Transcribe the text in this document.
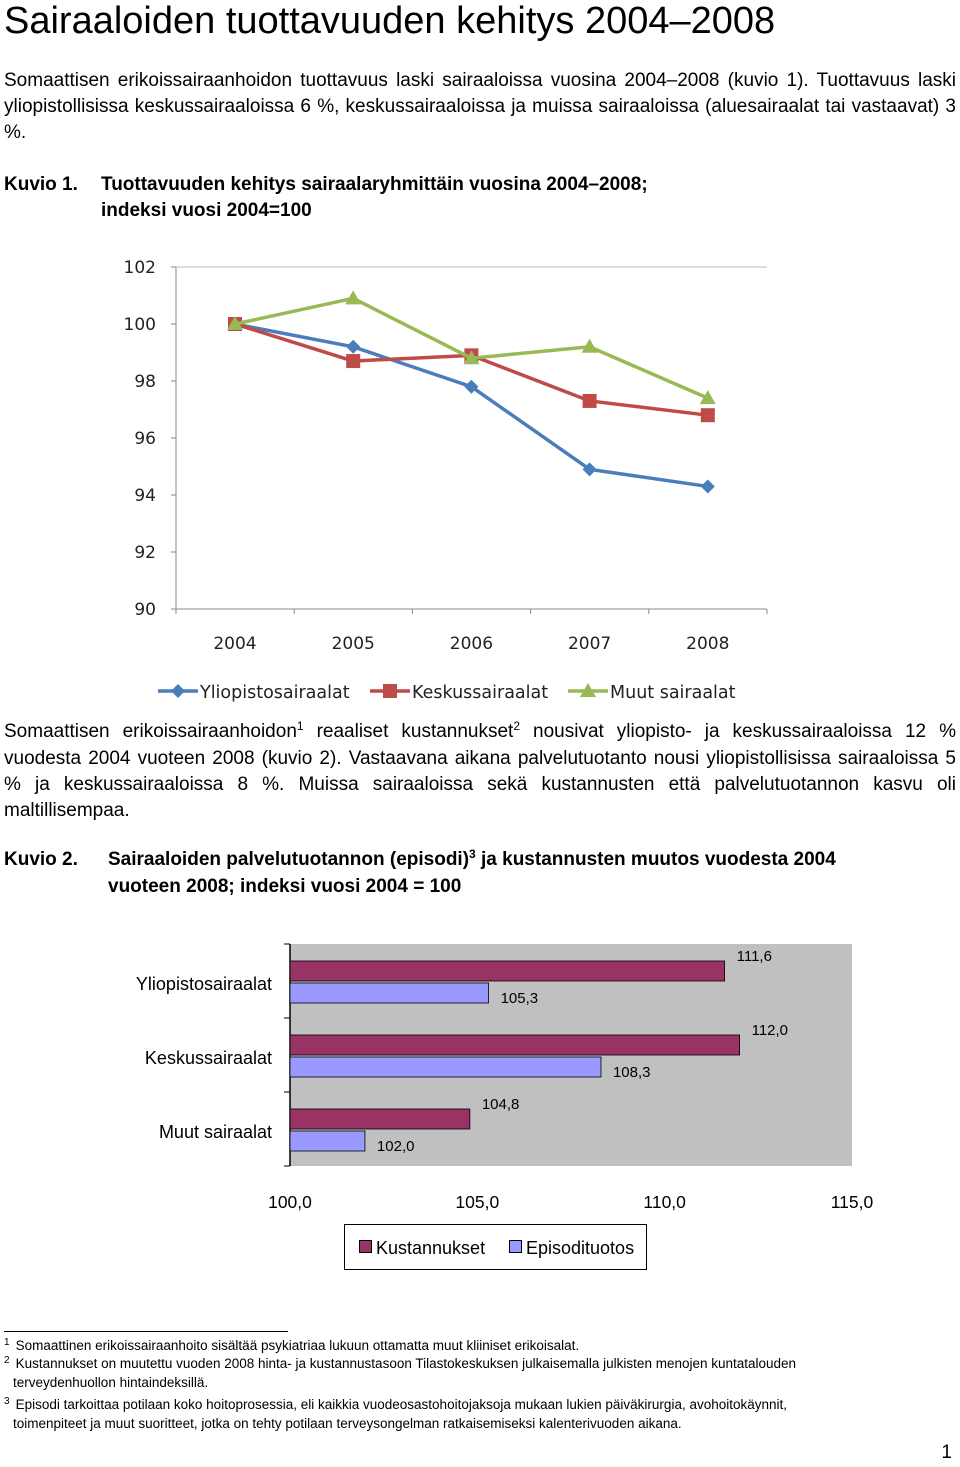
Sairaaloiden tuottavuuden kehitys 2004–2008

Somaattisen erikoissairaanhoidon tuottavuus laski sairaaloissa vuosina 2004–2008 (kuvio 1). Tuottavuus laski yliopistollisissa keskussairaaloissa 6 %, keskussairaaloissa ja muissa sairaaloissa (aluesairaalat tai vastaavat) 3 %.

Kuvio 1. Tuottavuuden kehitys sairaalaryhmittäin vuosina 2004–2008;
indeksi vuosi 2004=100
90
92
94
96
98
100
102
2004	2005	2006	2007	2008
Yliopistosairaalat	Keskussairaalat	Muut sairaalat

Somaattisen erikoissairaanhoidon$^1$ reaaliset kustannukset$^2$ nousivat yliopisto- ja keskussairaaloissa 12 % vuodesta 2004 vuoteen 2008 (kuvio 2). Vastaavana aikana palvelutuotanto nousi yliopistollisissa sairaaloissa 5 % ja keskussairaaloissa 8 %. Muissa sairaaloissa sekä kustannusten että palvelutuotannon kasvu oli maltillisempaa.

Kuvio 2. Sairaaloiden palvelutuotannon (episodi)$^3$ ja kustannusten muutos vuodesta 2004
vuoteen 2008; indeksi vuosi 2004 = 100
100,0	105,0	110,0	115,0
Yliopistosairaalat
111,6
105,3
Keskussairaalat
112,0
108,3
Muut sairaalat
104,8
102,0
Kustannukset	Episodituotos
$^1$ Somaattinen erikoissairaanhoito sisältää psykiatriaa lukuun ottamatta muut kliiniset erikoisalat.
$^2$ Kustannukset on muutettu vuoden 2008 hinta- ja kustannustasoon Tilastokeskuksen julkaisemalla julkisten menojen kuntatalouden
terveydenhuollon hintaindeksillä.
$^3$ Episodi tarkoittaa potilaan koko hoitoprosessia, eli kaikkia vuodeosastohoitojaksoja mukaan lukien päiväkirurgia, avohoitokäynnit,
toimenpiteet ja muut suoritteet, jotka on tehty potilaan terveysongelman ratkaisemiseksi kalenterivuoden aikana.
1
